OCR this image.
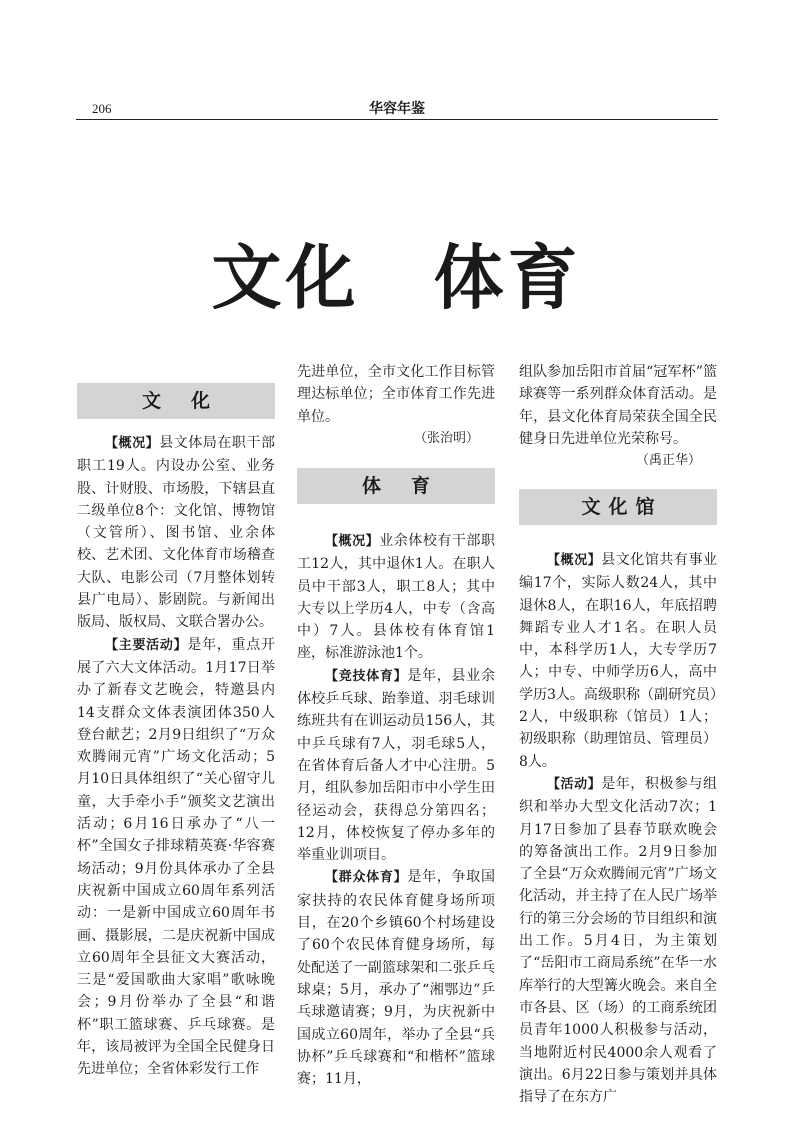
206	华容年鉴
文化　体育
文化

【概况】县文体局在职干部职工19人。内设办公室、业务股、计财股、市场股，下辖县直二级单位8个：文化馆、博物馆（文管所）、图书馆、业余体校、艺术团、文化体育市场稽查大队、电影公司（7月整体划转县广电局）、影剧院。与新闻出版局、版权局、文联合署办公。

【主要活动】是年，重点开展了六大文体活动。1月17日举办了新春文艺晚会，特邀县内14支群众文体表演团体350人登台献艺；2月9日组织了“万众欢腾闹元宵”广场文化活动；5月10日具体组织了“关心留守儿童，大手牵小手”颁奖文艺演出活动；6月16日承办了“八一杯”全国女子排球精英赛·华容赛场活动；9月份具体承办了全县庆祝新中国成立60周年系列活动：一是新中国成立60周年书画、摄影展，二是庆祝新中国成立60周年全县征文大赛活动，三是“爱国歌曲大家唱”歌咏晚会；9月份举办了全县“和谐杯”职工篮球赛、乒乓球赛。是年，该局被评为全国全民健身日先进单位；全省体彩发行工作

先进单位，全市文化工作目标管理达标单位；全市体育工作先进单位。

（张治明）

体育

【概况】业余体校有干部职工12人，其中退休1人。在职人员中干部3人，职工8人；其中大专以上学历4人，中专（含高中）7人。县体校有体育馆1座，标准游泳池1个。

【竞技体育】是年，县业余体校乒乓球、跆拳道、羽毛球训练班共有在训运动员156人，其中乒乓球有7人，羽毛球5人，在省体育后备人才中心注册。5月，组队参加岳阳市中小学生田径运动会，获得总分第四名；12月，体校恢复了停办多年的举重业训项目。

【群众体育】是年，争取国家扶持的农民体育健身场所项目，在20个乡镇60个村场建设了60个农民体育健身场所，每处配送了一副篮球架和二张乒乓球桌；5月，承办了“湘鄂边”乒乓球邀请赛；9月，为庆祝新中国成立60周年，举办了全县“兵协杯”乒乓球赛和“和楷杯”篮球赛；11月，

组队参加岳阳市首届“冠军杯”篮球赛等一系列群众体育活动。是年，县文化体育局荣获全国全民健身日先进单位光荣称号。

（禹正华）

文化馆

【概况】县文化馆共有事业编17个，实际人数24人，其中退休8人，在职16人，年底招聘舞蹈专业人才1名。在职人员中，本科学历1人，大专学历7人；中专、中师学历6人，高中学历3人。高级职称（副研究员）2人，中级职称（馆员）1人；初级职称（助理馆员、管理员）8人。

【活动】是年，积极参与组织和举办大型文化活动7次；1月17日参加了县春节联欢晚会的筹备演出工作。2月9日参加了全县“万众欢腾闹元宵”广场文化活动，并主持了在人民广场举行的第三分会场的节目组织和演出工作。5月4日，为主策划了“岳阳市工商局系统”在华一水库举行的大型篝火晚会。来自全市各县、区（场）的工商系统团员青年1000人积极参与活动，当地附近村民4000余人观看了演出。6月22日参与策划并具体指导了在东方广
